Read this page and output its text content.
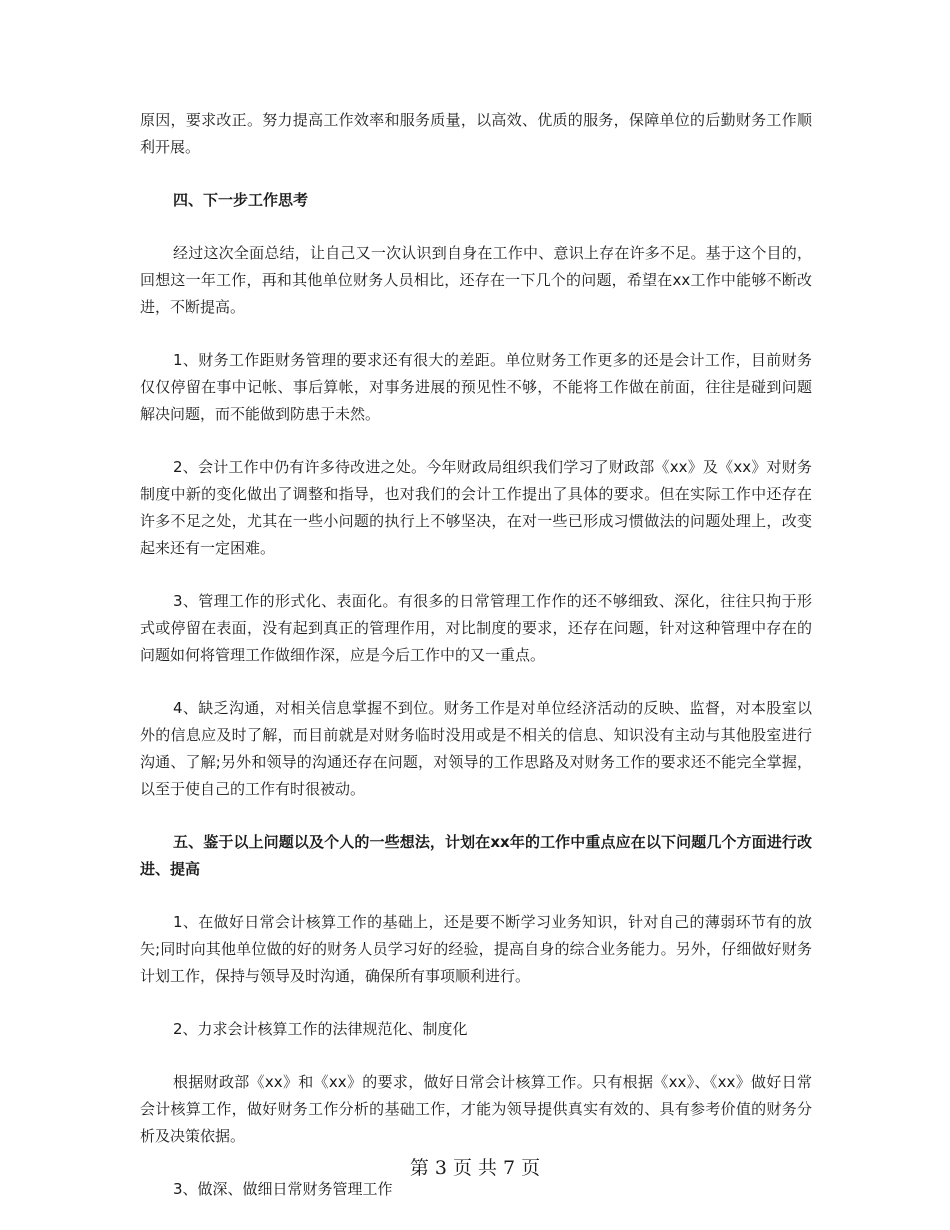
原因，要求改正。努力提高工作效率和服务质量，以高效、优质的服务，保障单位的后勤财务工作顺利开展。

四、下一步工作思考

经过这次全面总结，让自己又一次认识到自身在工作中、意识上存在许多不足。基于这个目的，回想这一年工作，再和其他单位财务人员相比，还存在一下几个的问题，希望在xx工作中能够不断改进，不断提高。

1、财务工作距财务管理的要求还有很大的差距。单位财务工作更多的还是会计工作，目前财务仅仅停留在事中记帐、事后算帐，对事务进展的预见性不够，不能将工作做在前面，往往是碰到问题解决问题，而不能做到防患于未然。

2、会计工作中仍有许多待改进之处。今年财政局组织我们学习了财政部《xx》及《xx》对财务制度中新的变化做出了调整和指导，也对我们的会计工作提出了具体的要求。但在实际工作中还存在许多不足之处，尤其在一些小问题的执行上不够坚决，在对一些已形成习惯做法的问题处理上，改变起来还有一定困难。

3、管理工作的形式化、表面化。有很多的日常管理工作作的还不够细致、深化，往往只拘于形式或停留在表面，没有起到真正的管理作用，对比制度的要求，还存在问题，针对这种管理中存在的问题如何将管理工作做细作深，应是今后工作中的又一重点。

4、缺乏沟通，对相关信息掌握不到位。财务工作是对单位经济活动的反映、监督，对本股室以外的信息应及时了解，而目前就是对财务临时没用或是不相关的信息、知识没有主动与其他股室进行沟通、了解;另外和领导的沟通还存在问题，对领导的工作思路及对财务工作的要求还不能完全掌握，以至于使自己的工作有时很被动。

五、鉴于以上问题以及个人的一些想法，计划在xx年的工作中重点应在以下问题几个方面进行改进、提高

1、在做好日常会计核算工作的基础上，还是要不断学习业务知识，针对自己的薄弱环节有的放矢;同时向其他单位做的好的财务人员学习好的经验，提高自身的综合业务能力。另外，仔细做好财务计划工作，保持与领导及时沟通，确保所有事项顺利进行。

2、力求会计核算工作的法律规范化、制度化

根据财政部《xx》和《xx》的要求，做好日常会计核算工作。只有根据《xx》、《xx》做好日常会计核算工作，做好财务工作分析的基础工作，才能为领导提供真实有效的、具有参考价值的财务分析及决策依据。

3、做深、做细日常财务管理工作

第 3 页 共 7 页
